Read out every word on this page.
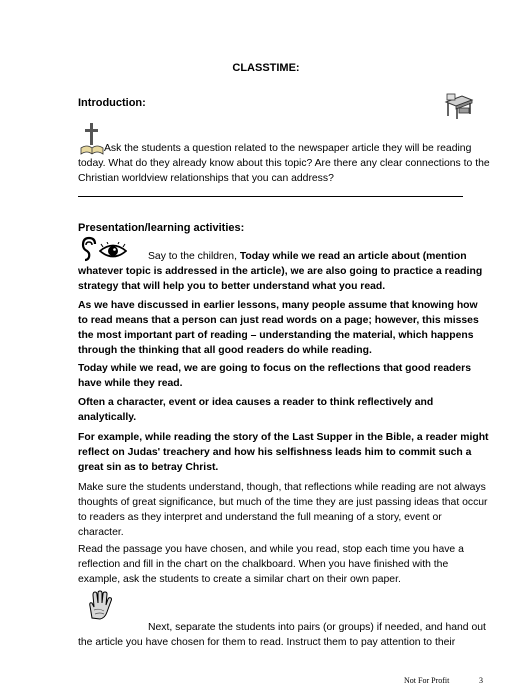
CLASSTIME:
Introduction:

Ask the students a question related to the newspaper article they will be reading today. What do they already know about this topic? Are there any clear connections to the Christian worldview relationships that you can address?

Presentation/learning activities:

Say to the children, Today while we read an article about (mention whatever topic is addressed in the article), we are also going to practice a reading strategy that will help you to better understand what you read.

As we have discussed in earlier lessons, many people assume that knowing how to read means that a person can just read words on a page; however, this misses the most important part of reading – understanding the material, which happens through the thinking that all good readers do while reading.

Today while we read, we are going to focus on the reflections that good readers have while they read.

Often a character, event or idea causes a reader to think reflectively and analytically.

For example, while reading the story of the Last Supper in the Bible, a reader might reflect on Judas' treachery and how his selfishness leads him to commit such a great sin as to betray Christ.

Make sure the students understand, though, that reflections while reading are not always thoughts of great significance, but much of the time they are just passing ideas that occur to readers as they interpret and understand the full meaning of a story, event or character.

Read the passage you have chosen, and while you read, stop each time you have a reflection and fill in the chart on the chalkboard. When you have finished with the example, ask the students to create a similar chart on their own paper.

Next, separate the students into pairs (or groups) if needed, and hand out the article you have chosen for them to read. Instruct them to pay attention to their

Not For Profit	3
